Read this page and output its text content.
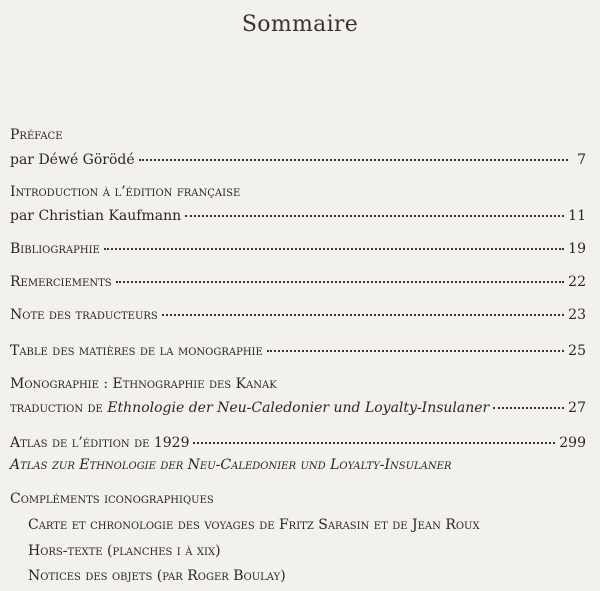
Sommaire
Préface
par Déwé Görödé	7
Introduction à l’édition française
par Christian Kaufmann	11
Bibliographie	19
Remerciements	22
Note des traducteurs	23
Table des matières de la monographie	25
Monographie : Ethnographie des Kanak
traduction de Ethnologie der Neu-Caledonier und Loyalty-Insulaner	27
Atlas de l’édition de 1929	299
Atlas zur Ethnologie der Neu-Caledonier und Loyalty-Insulaner
Compléments iconographiques
Carte et chronologie des voyages de Fritz Sarasin et de Jean Roux
Hors-texte (planches i à xix)
Notices des objets (par Roger Boulay)
